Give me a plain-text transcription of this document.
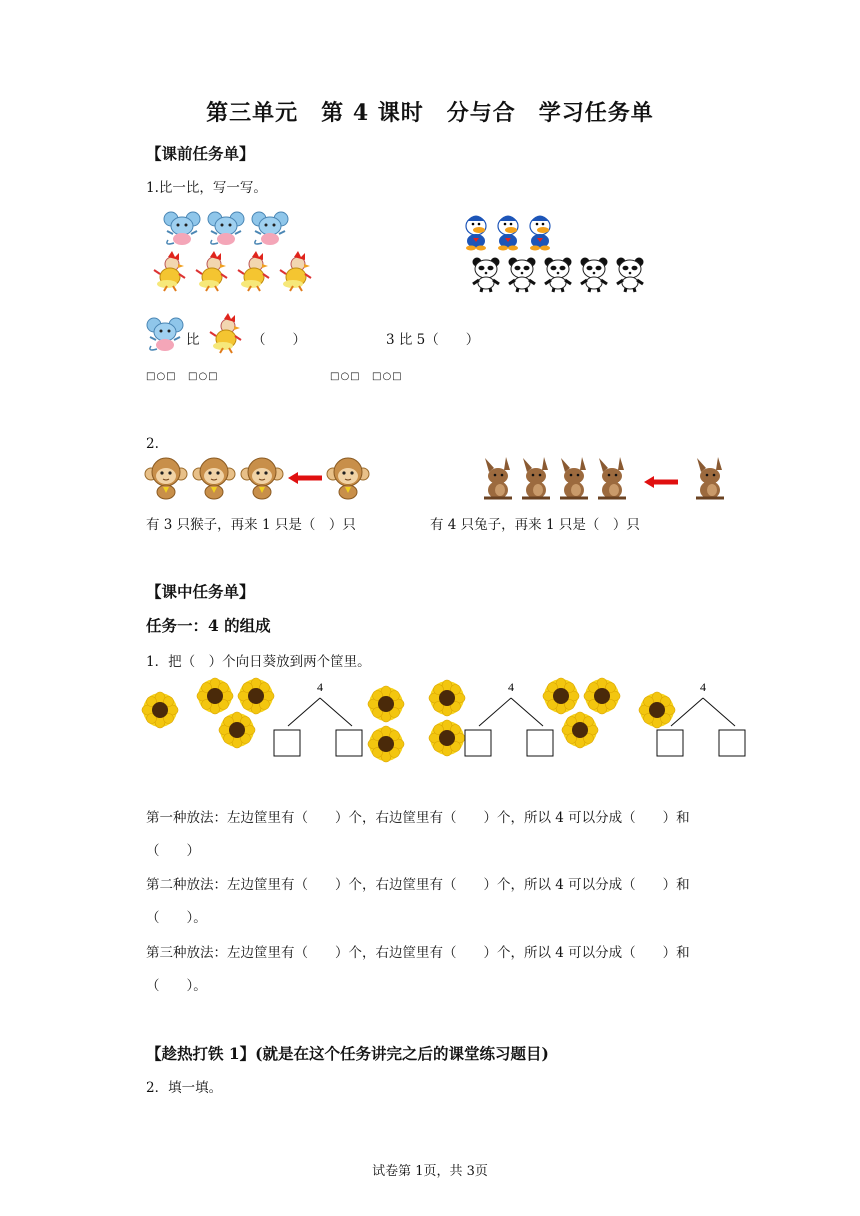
第三单元　第 4 课时　分与合　学习任务单
【课前任务单】
1.比一比，写一写。
比	（　　）	3 比 5（　　）
□○□ □○□	□○□ □○□
2.
有 3 只猴子，再来 1 只是（　）只	有 4 只兔子，再来 1 只是（　）只
【课中任务单】
任务一：4 的组成
1．把（　）个向日葵放到两个筐里。
4	4	4
第一种放法：左边筐里有（　　）个，右边筐里有（　　）个，所以 4 可以分成（　　）和
（　　）
第二种放法：左边筐里有（　　）个，右边筐里有（　　）个，所以 4 可以分成（　　）和
（　　）。
第三种放法：左边筐里有（　　）个，右边筐里有（　　）个，所以 4 可以分成（　　）和
（　　）。
【趁热打铁 1】(就是在这个任务讲完之后的课堂练习题目)
2．填一填。
试卷第 1页，共 3页
